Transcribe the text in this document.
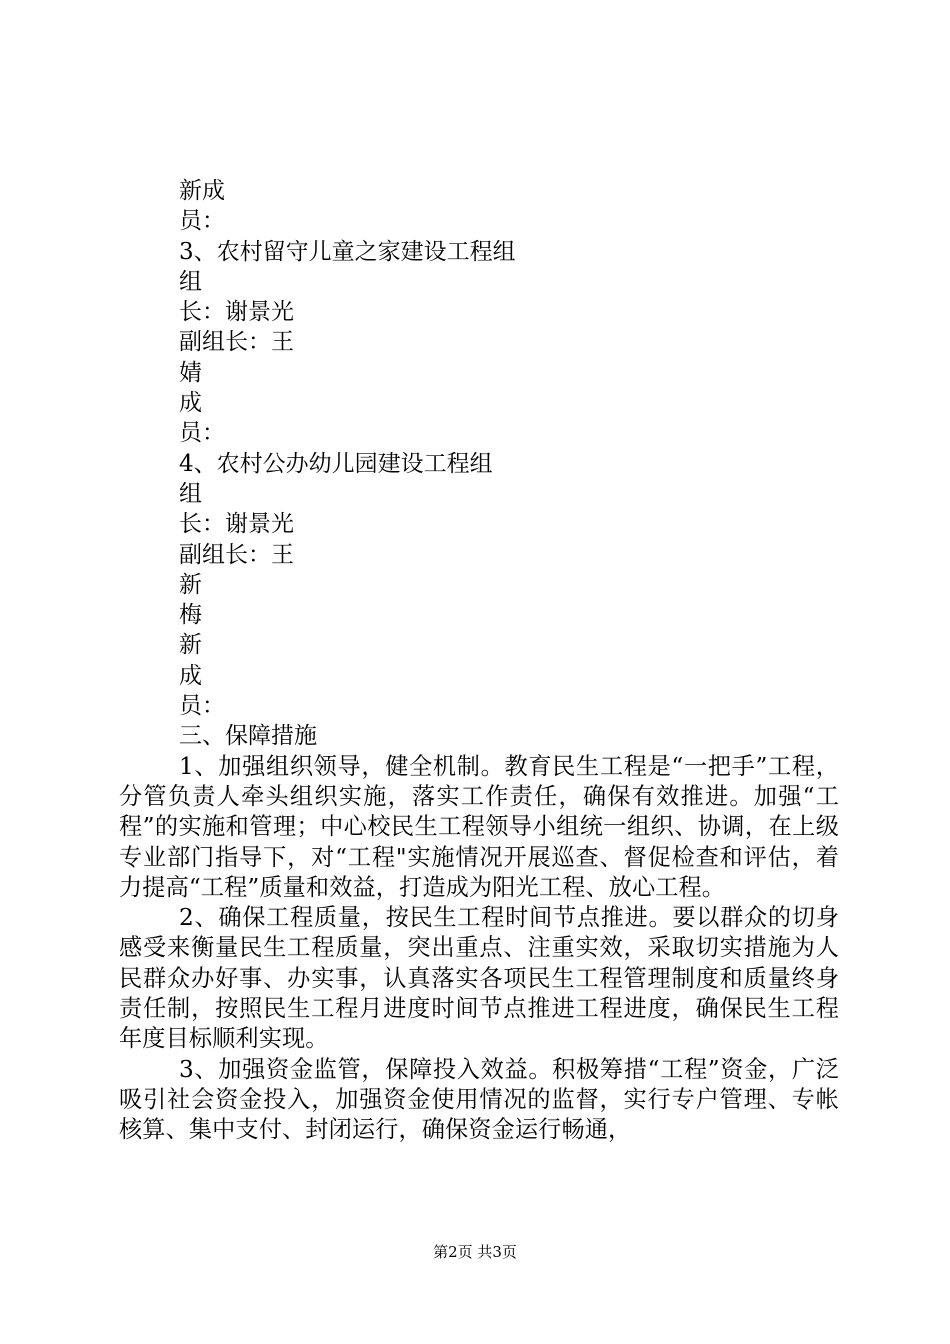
新成
员：
3、农村留守儿童之家建设工程组
组
长：谢景光
副组长：王
婧
成
员：
4、农村公办幼儿园建设工程组
组
长：谢景光
副组长：王
新
梅
新
成
员：
三、保障措施

1、加强组织领导，健全机制。教育民生工程是“一把手”工程，分管负责人牵头组织实施，落实工作责任，确保有效推进。加强“工程”的实施和管理；中心校民生工程领导小组统一组织、协调，在上级专业部门指导下，对“工程"实施情况开展巡查、督促检查和评估，着力提高“工程”质量和效益，打造成为阳光工程、放心工程。

2、确保工程质量，按民生工程时间节点推进。要以群众的切身感受来衡量民生工程质量，突出重点、注重实效，采取切实措施为人民群众办好事、办实事，认真落实各项民生工程管理制度和质量终身责任制，按照民生工程月进度时间节点推进工程进度，确保民生工程年度目标顺利实现。

3、加强资金监管，保障投入效益。积极筹措“工程”资金，广泛吸引社会资金投入，加强资金使用情况的监督，实行专户管理、专帐核算、集中支付、封闭运行，确保资金运行畅通，

第2页 共3页
